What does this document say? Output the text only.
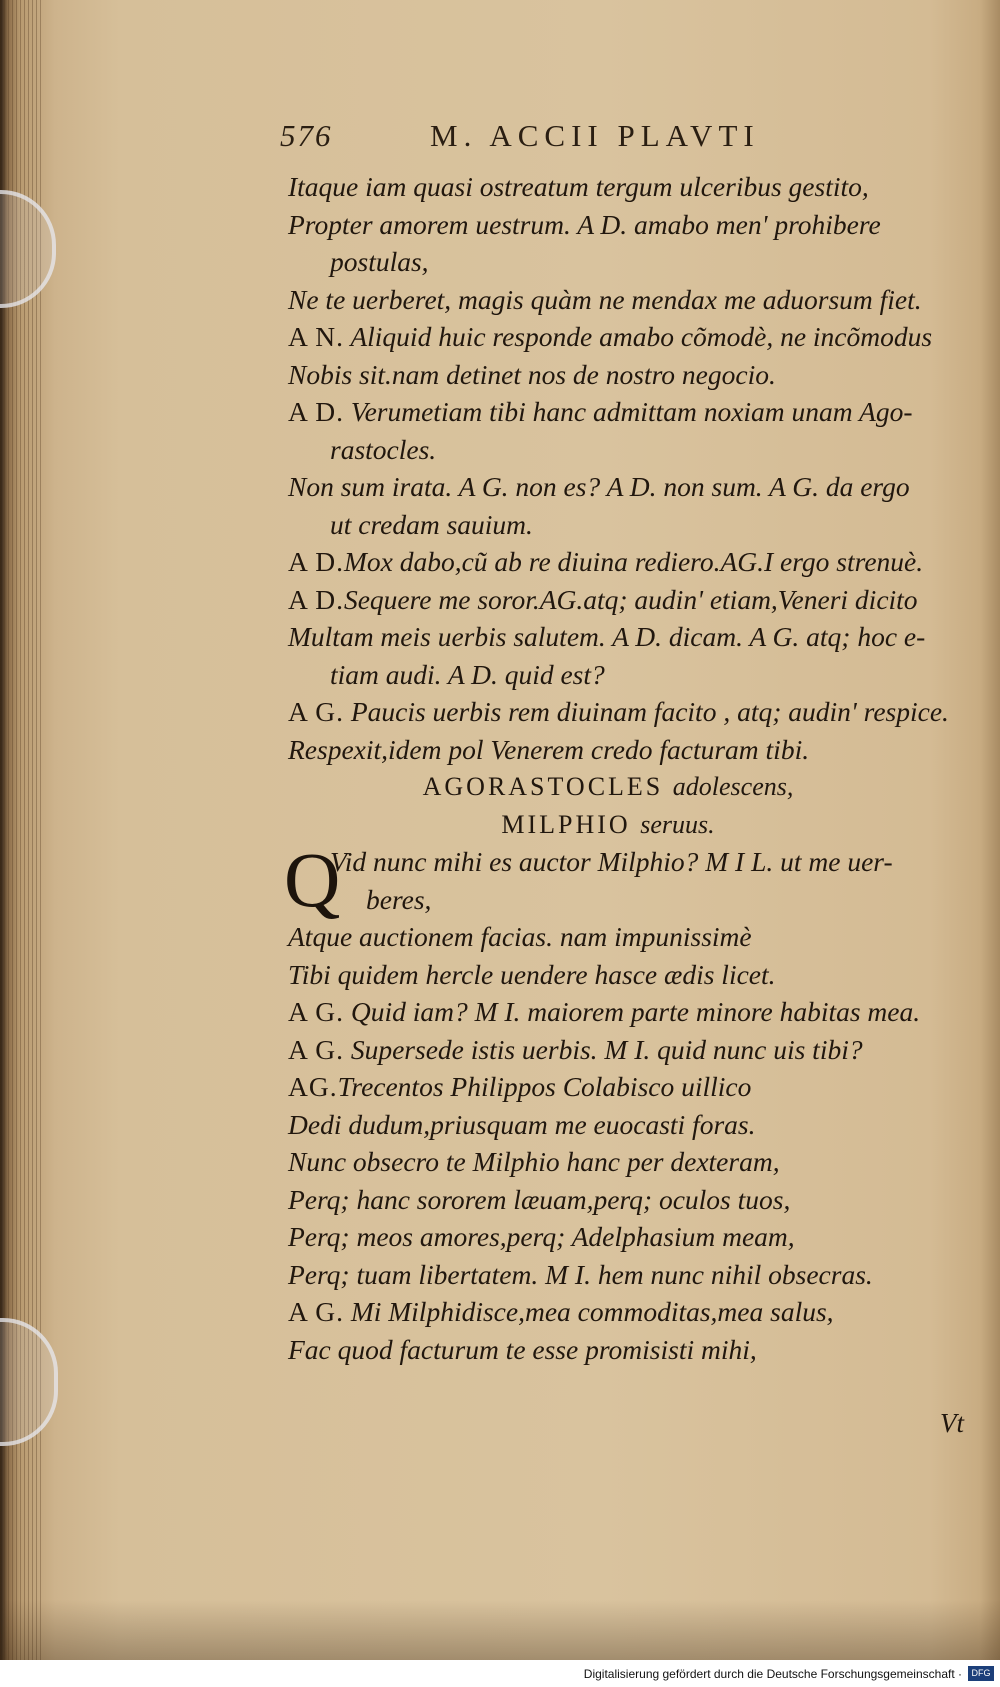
576	M. ACCII PLAVTI
Itaque iam quasi ostreatum tergum ulceribus gestito,
Propter amorem uestrum. A D. amabo men' prohibere
postulas,
Ne te uerberet, magis quàm ne mendax me aduorsum fiet.
A N. Aliquid huic responde amabo cõmodè, ne incõmodus
Nobis sit.nam detinet nos de nostro negocio.
A D. Verumetiam tibi hanc admittam noxiam unam Ago-
rastocles.
Non sum irata. A G. non es? A D. non sum. A G. da ergo
ut credam sauium.
A D.Mox dabo,cũ ab re diuina rediero.AG.I ergo strenuè.
A D.Sequere me soror.AG.atq; audin' etiam,Veneri dicito
Multam meis uerbis salutem. A D. dicam. A G. atq; hoc e-
tiam audi. A D. quid est?
A G. Paucis uerbis rem diuinam facito , atq; audin' respice.
Respexit,idem pol Venerem credo facturam tibi.
AGORASTOCLES adolescens,
MILPHIO seruus.
Q
Vid nunc mihi es auctor Milphio? M I L. ut me uer-
beres,
Atque auctionem facias. nam impunissimè
Tibi quidem hercle uendere hasce ædis licet.
A G. Quid iam? M I. maiorem parte minore habitas mea.
A G. Supersede istis uerbis. M I. quid nunc uis tibi?
AG.Trecentos Philippos Colabisco uillico
Dedi dudum,priusquam me euocasti foras.
Nunc obsecro te Milphio hanc per dexteram,
Perq; hanc sororem læuam,perq; oculos tuos,
Perq; meos amores,perq; Adelphasium meam,
Perq; tuam libertatem. M I. hem nunc nihil obsecras.
A G. Mi Milphidisce,mea commoditas,mea salus,
Fac quod facturum te esse promisisti mihi,
Vt
Digitalisierung gefördert durch die Deutsche Forschungsgemeinschaft ·	DFG
